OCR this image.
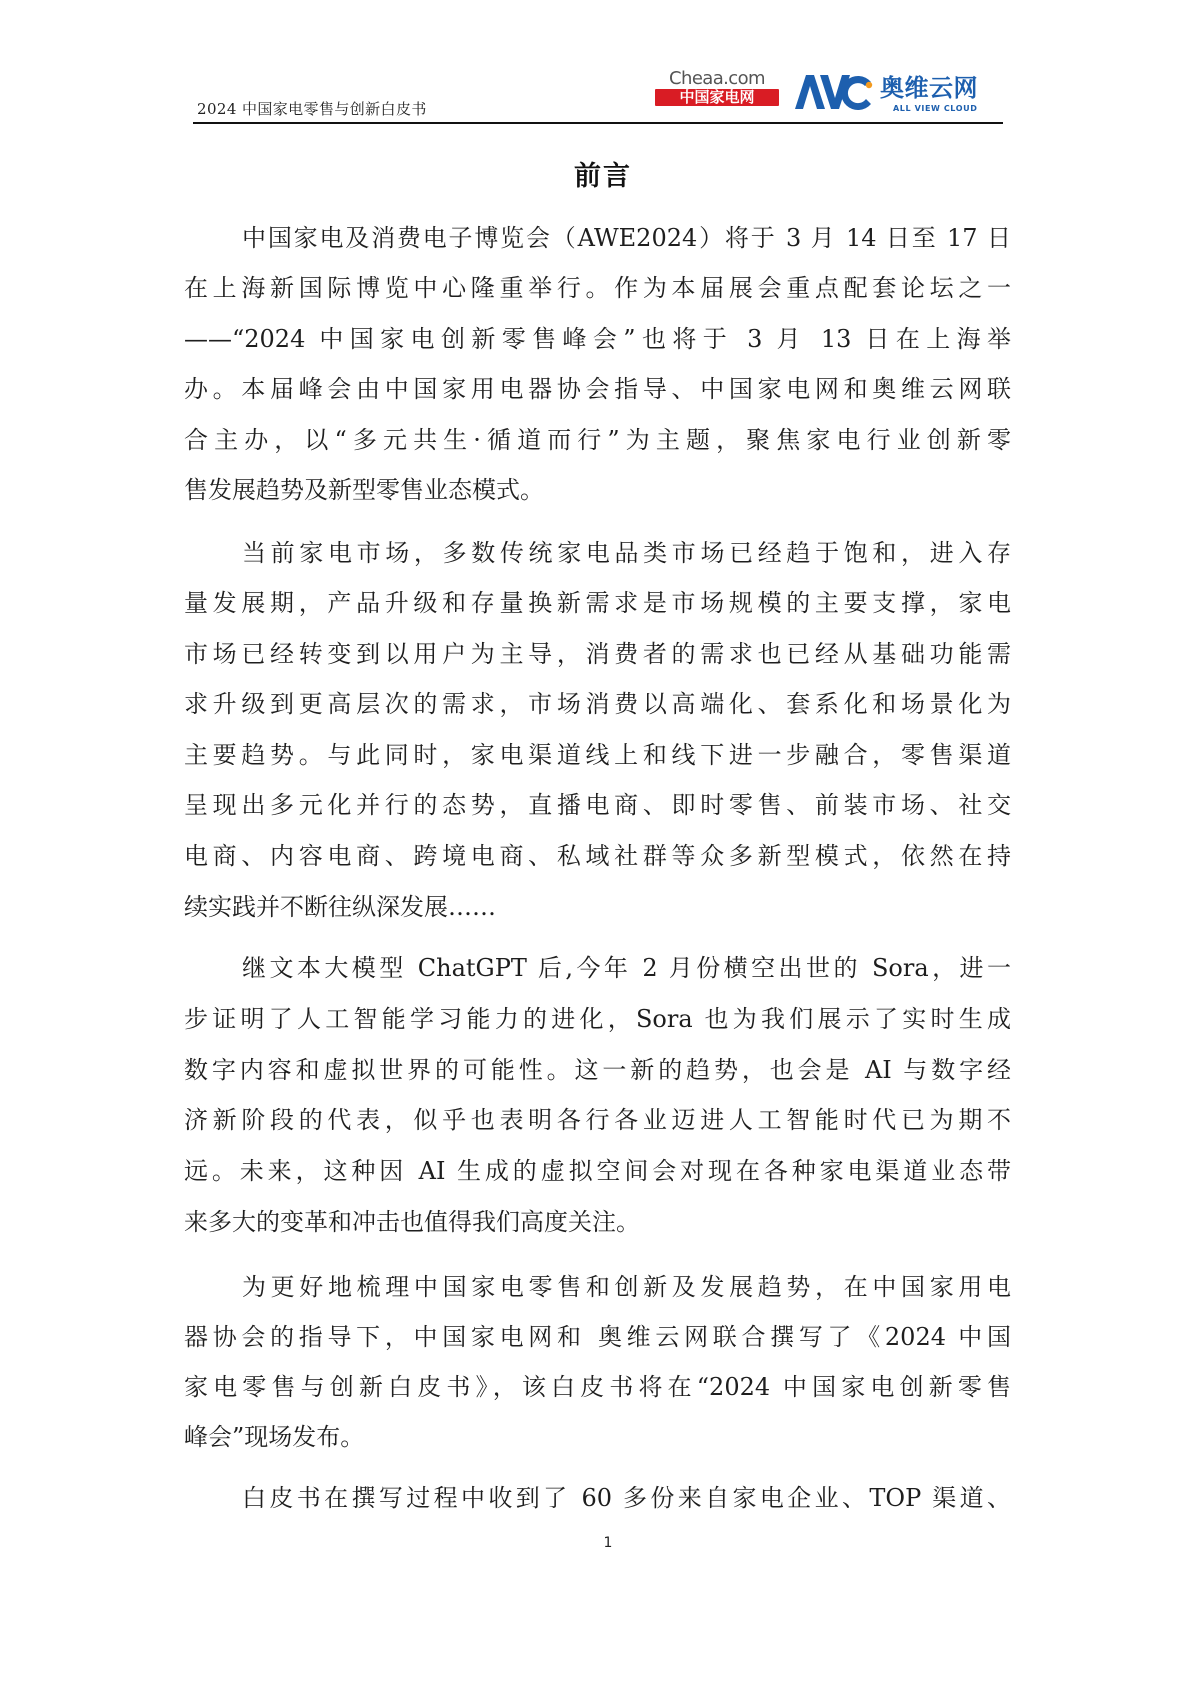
2024 中国家电零售与创新白皮书
Cheaa.com
中国家电网	奥维云网
ALL VIEW CLOUD
前言
中国家电及消费电子博览会（AWE2024）将于 3 月 14 日至 17 日
在上海新国际博览中心隆重举行。作为本届展会重点配套论坛之一
——“2024 中国家电创新零售峰会”也将于 3 月 13 日在上海举
办。本届峰会由中国家用电器协会指导、中国家电网和奥维云网联
合主办，以“多元共生·循道而行”为主题，聚焦家电行业创新零
售发展趋势及新型零售业态模式。
当前家电市场，多数传统家电品类市场已经趋于饱和，进入存
量发展期，产品升级和存量换新需求是市场规模的主要支撑，家电
市场已经转变到以用户为主导，消费者的需求也已经从基础功能需
求升级到更高层次的需求，市场消费以高端化、套系化和场景化为
主要趋势。与此同时，家电渠道线上和线下进一步融合，零售渠道
呈现出多元化并行的态势，直播电商、即时零售、前装市场、社交
电商、内容电商、跨境电商、私域社群等众多新型模式，依然在持
续实践并不断往纵深发展……
继文本大模型 ChatGPT 后,今年 2 月份横空出世的 Sora，进一
步证明了人工智能学习能力的进化，Sora 也为我们展示了实时生成
数字内容和虚拟世界的可能性。这一新的趋势，也会是 AI 与数字经
济新阶段的代表，似乎也表明各行各业迈进人工智能时代已为期不
远。未来，这种因 AI 生成的虚拟空间会对现在各种家电渠道业态带
来多大的变革和冲击也值得我们高度关注。
为更好地梳理中国家电零售和创新及发展趋势，在中国家用电
器协会的指导下，中国家电网和 奥维云网联合撰写了《2024 中国
家电零售与创新白皮书》，该白皮书将在“2024 中国家电创新零售
峰会”现场发布。
白皮书在撰写过程中收到了 60 多份来自家电企业、TOP 渠道、
1
